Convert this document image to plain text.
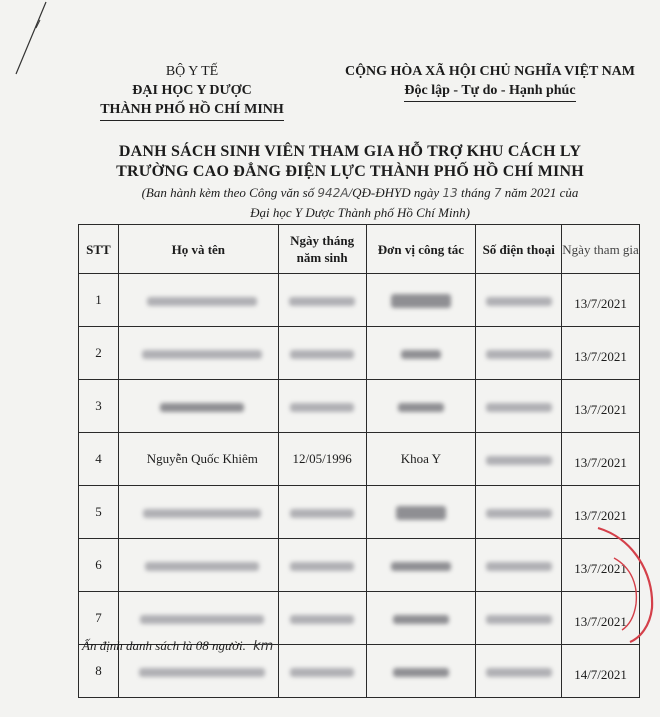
BỘ Y TẾ
ĐẠI HỌC Y DƯỢC
THÀNH PHỐ HỒ CHÍ MINH
CỘNG HÒA XÃ HỘI CHỦ NGHĨA VIỆT NAM
Độc lập - Tự do - Hạnh phúc
DANH SÁCH SINH VIÊN THAM GIA HỖ TRỢ KHU CÁCH LY
TRƯỜNG CAO ĐẲNG ĐIỆN LỰC THÀNH PHỐ HỒ CHÍ MINH
(Ban hành kèm theo Công văn số 942A/QĐ-ĐHYD ngày 13 tháng 7 năm 2021 của
Đại học Y Dược Thành phố Hồ Chí Minh)
STT	Họ và tên	Ngày tháng năm sinh	Đơn vị công tác	Số điện thoại	Ngày tham gia
1					13/7/2021
2					13/7/2021
3					13/7/2021
4	Nguyễn Quốc Khiêm	12/05/1996	Khoa Y		13/7/2021
5					13/7/2021
6					13/7/2021
7					13/7/2021
8					14/7/2021
Ấn định danh sách là 08 người. km
